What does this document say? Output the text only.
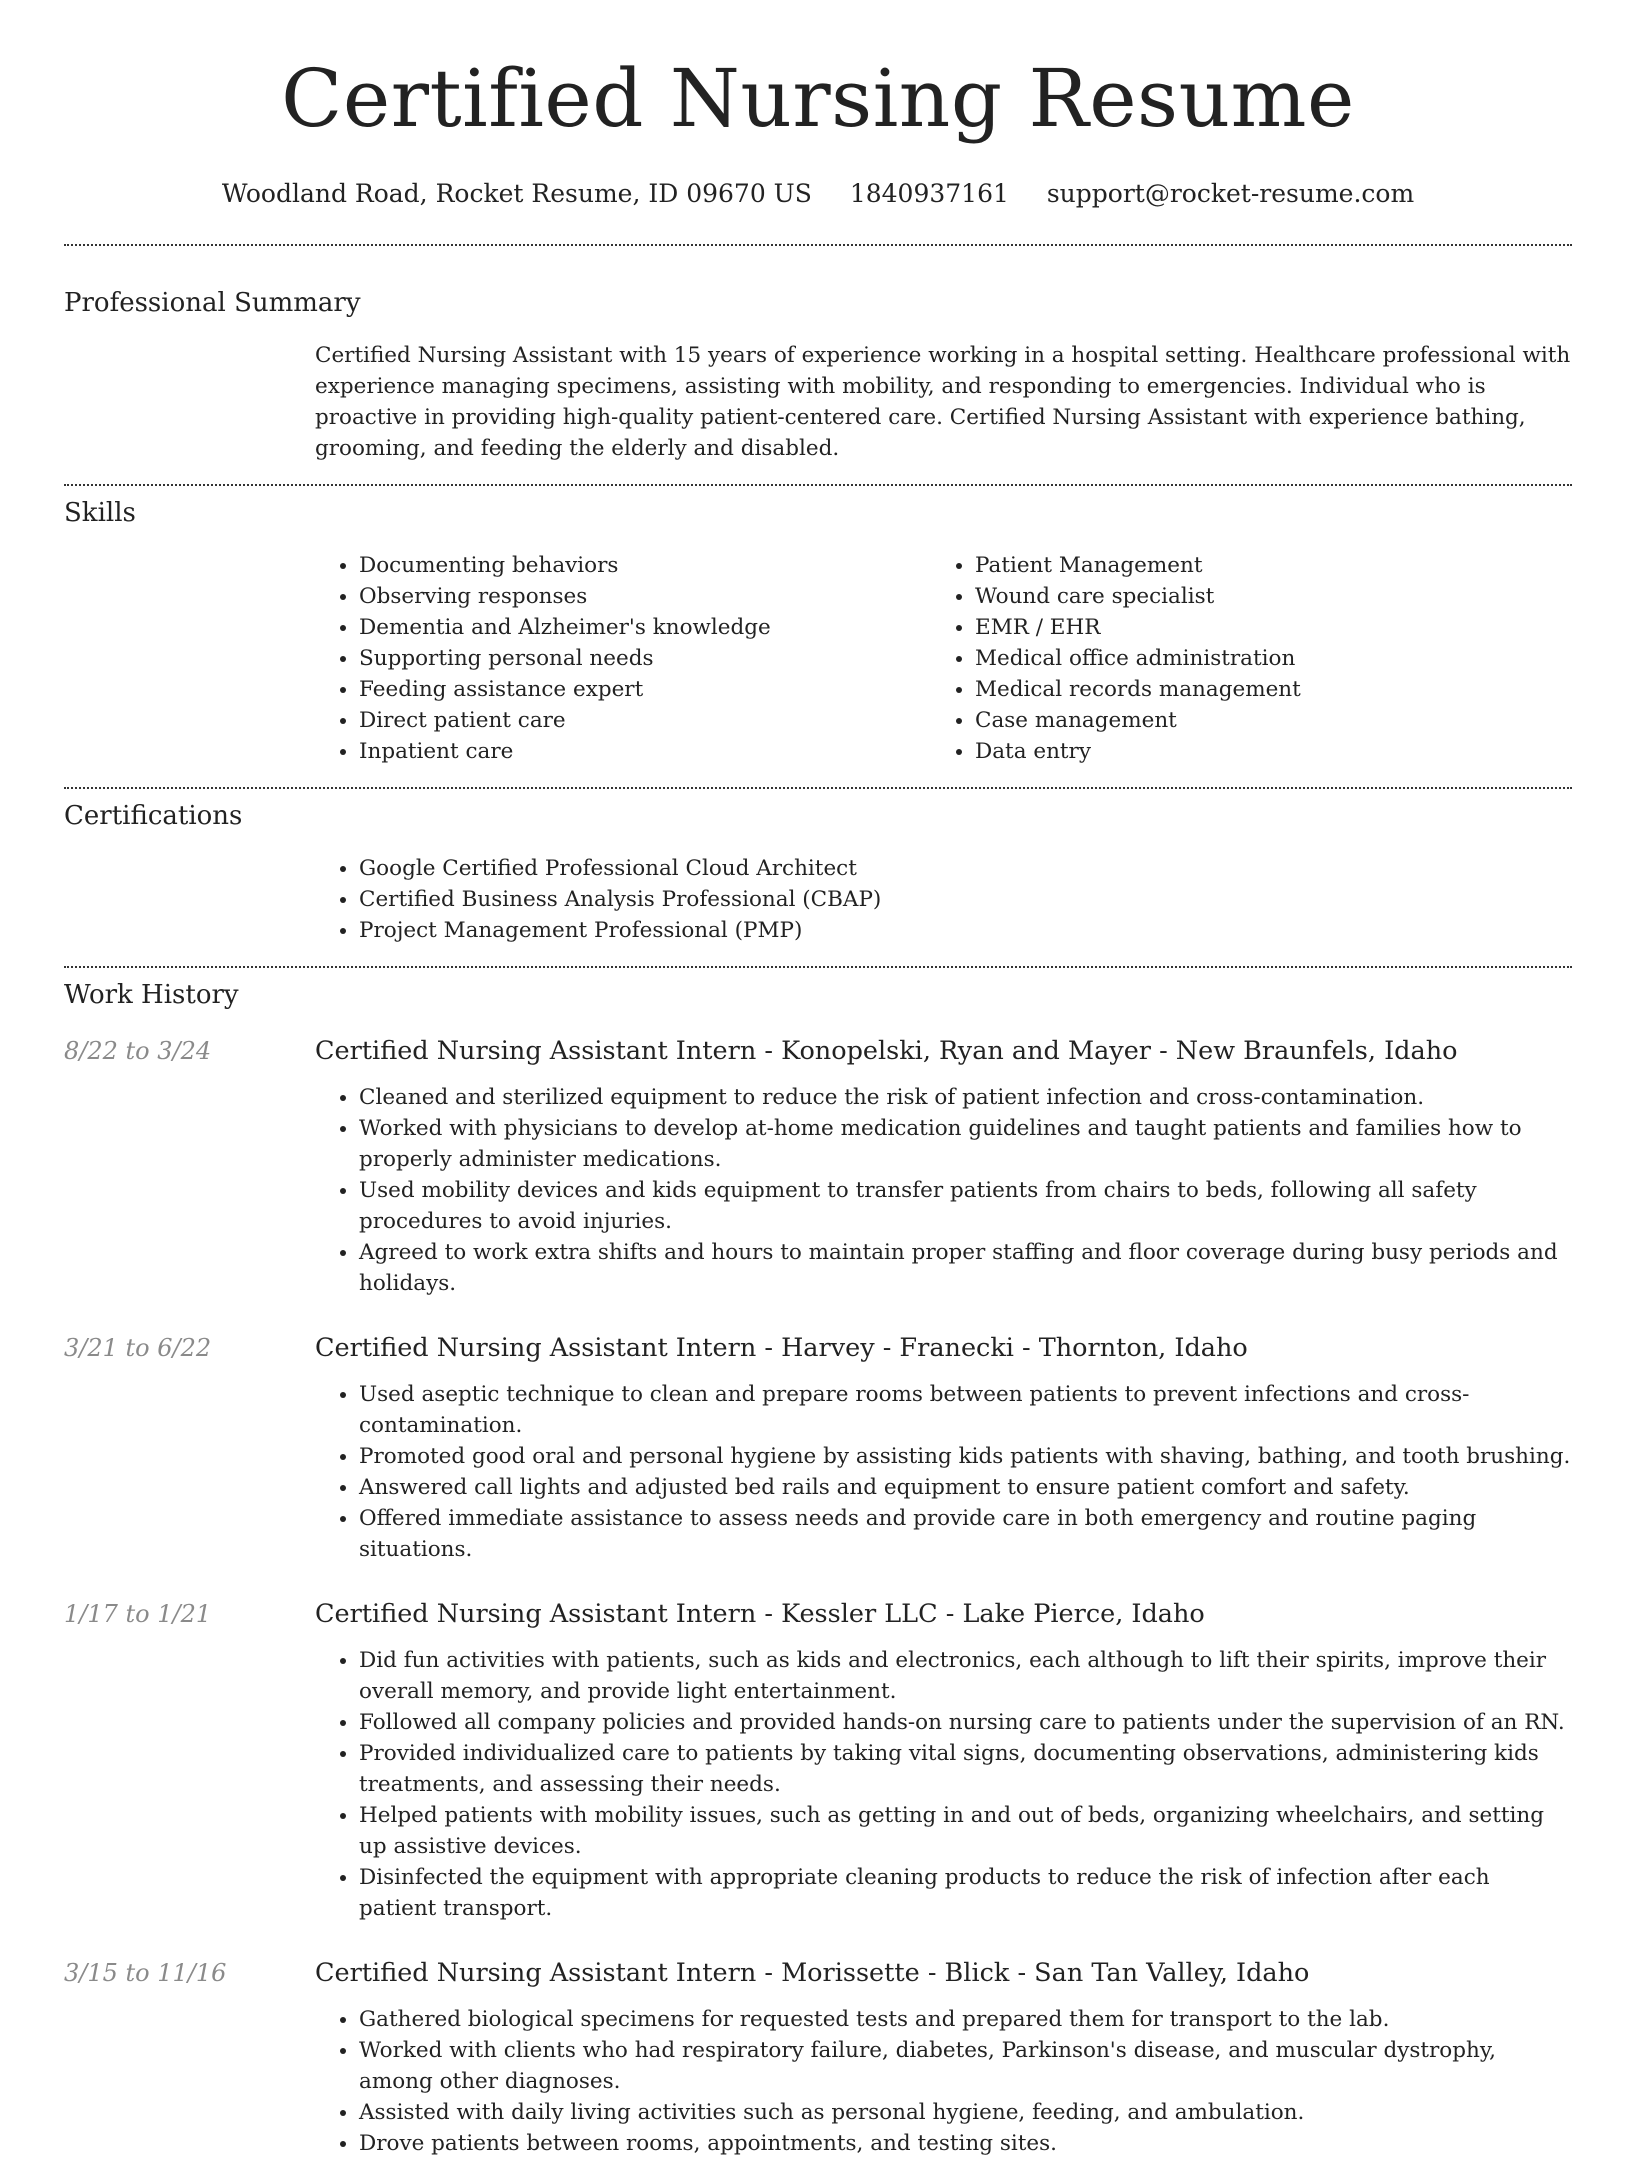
Certified Nursing Resume
Woodland Road, Rocket Resume, ID 09670 US 1840937161 support@rocket-resume.com
Professional Summary

Certified Nursing Assistant with 15 years of experience working in a hospital setting. Healthcare professional with experience managing specimens, assisting with mobility, and responding to emergencies. Individual who is proactive in providing high-quality patient-centered care. Certified Nursing Assistant with experience bathing, grooming, and feeding the elderly and disabled.

Skills
• Documenting behaviors
• Observing responses
• Dementia and Alzheimer's knowledge
• Supporting personal needs
• Feeding assistance expert
• Direct patient care
• Inpatient care
• Patient Management
• Wound care specialist
• EMR / EHR
• Medical office administration
• Medical records management
• Case management
• Data entry
Certifications
• Google Certified Professional Cloud Architect
• Certified Business Analysis Professional (CBAP)
• Project Management Professional (PMP)
Work History
8/22 to 3/24	Certified Nursing Assistant Intern - Konopelski, Ryan and Mayer - New Braunfels, Idaho
• Cleaned and sterilized equipment to reduce the risk of patient infection and cross-contamination.
• Worked with physicians to develop at-home medication guidelines and taught patients and families how to properly administer medications.
• Used mobility devices and kids equipment to transfer patients from chairs to beds, following all safety procedures to avoid injuries.
• Agreed to work extra shifts and hours to maintain proper staffing and floor coverage during busy periods and holidays.
3/21 to 6/22	Certified Nursing Assistant Intern - Harvey - Franecki - Thornton, Idaho
• Used aseptic technique to clean and prepare rooms between patients to prevent infections and cross-contamination.
• Promoted good oral and personal hygiene by assisting kids patients with shaving, bathing, and tooth brushing.
• Answered call lights and adjusted bed rails and equipment to ensure patient comfort and safety.
• Offered immediate assistance to assess needs and provide care in both emergency and routine paging situations.
1/17 to 1/21	Certified Nursing Assistant Intern - Kessler LLC - Lake Pierce, Idaho
• Did fun activities with patients, such as kids and electronics, each although to lift their spirits, improve their overall memory, and provide light entertainment.
• Followed all company policies and provided hands-on nursing care to patients under the supervision of an RN.
• Provided individualized care to patients by taking vital signs, documenting observations, administering kids treatments, and assessing their needs.
• Helped patients with mobility issues, such as getting in and out of beds, organizing wheelchairs, and setting up assistive devices.
• Disinfected the equipment with appropriate cleaning products to reduce the risk of infection after each patient transport.
3/15 to 11/16	Certified Nursing Assistant Intern - Morissette - Blick - San Tan Valley, Idaho
• Gathered biological specimens for requested tests and prepared them for transport to the lab.
• Worked with clients who had respiratory failure, diabetes, Parkinson's disease, and muscular dystrophy, among other diagnoses.
• Assisted with daily living activities such as personal hygiene, feeding, and ambulation.
• Drove patients between rooms, appointments, and testing sites.
